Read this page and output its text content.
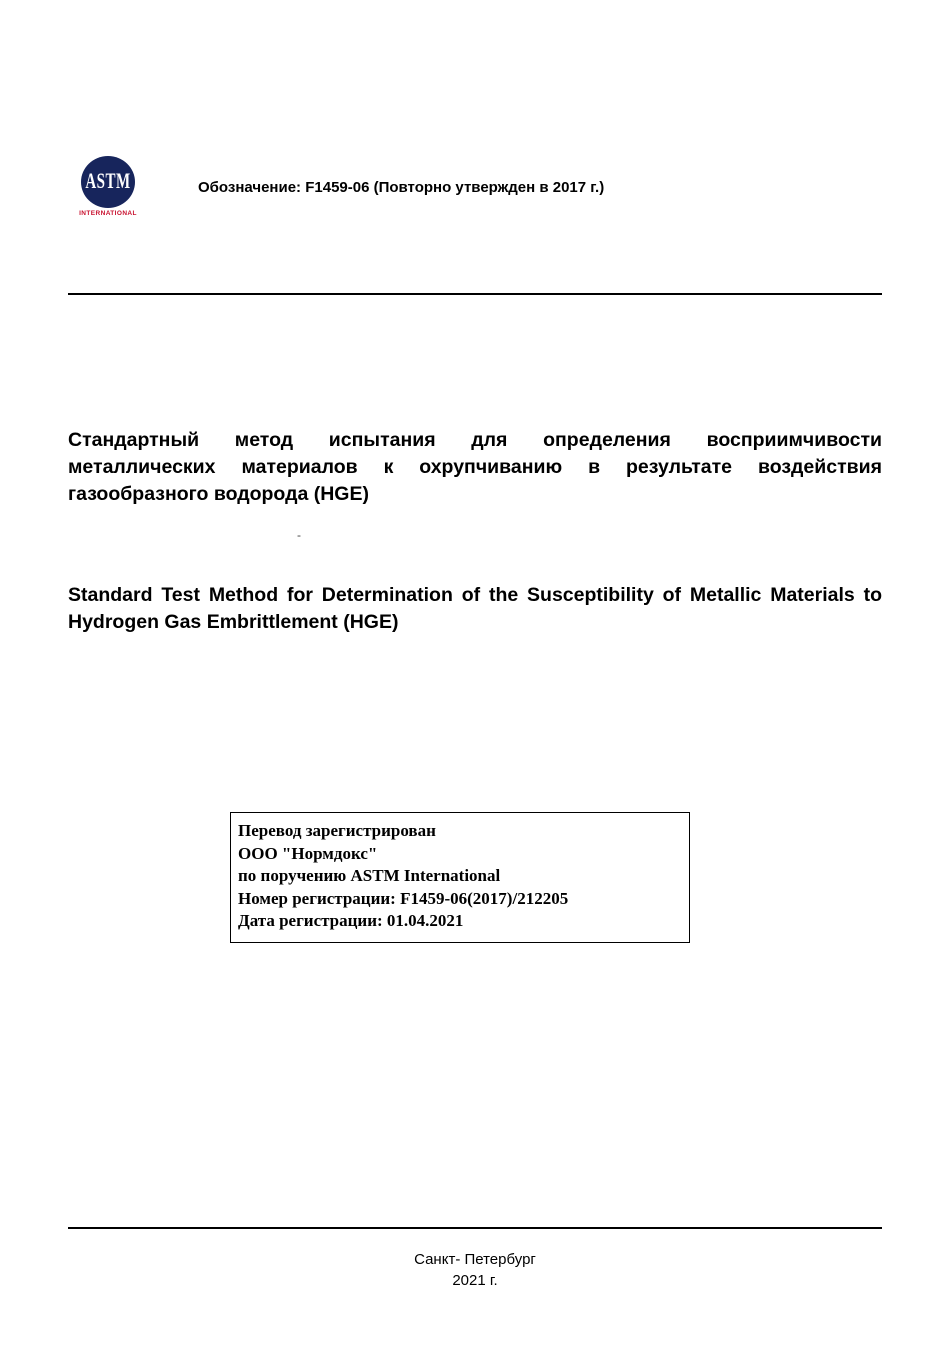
ASTM
INTERNATIONAL
Обозначение: F1459-06 (Повторно утвержден в 2017 г.)
Стандартный метод испытания для определения восприимчивости металлических материалов к охрупчиванию в результате воздействия газообразного водорода (HGE)
-
Standard Test Method for Determination of the Susceptibility of Metallic Materials to Hydrogen Gas Embrittlement (HGE)
Перевод зарегистрирован
ООО "Нормдокс"
по поручению ASTM International
Номер регистрации: F1459-06(2017)/212205
Дата регистрации: 01.04.2021
Санкт- Петербург
2021 г.
